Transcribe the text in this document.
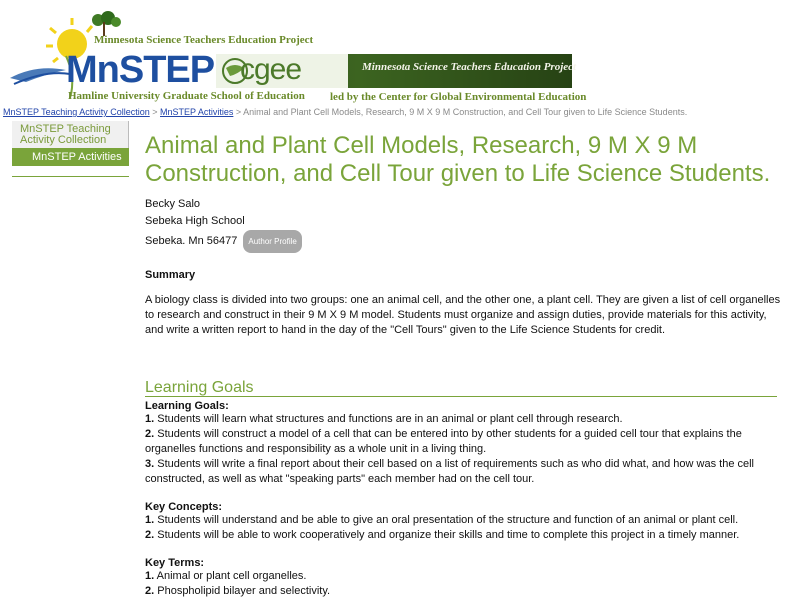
Minnesota Science Teachers Education Project
MnSTEP
Hamline University Graduate School of Education
cgee	Minnesota Science Teachers Education Project
led by the Center for Global Environmental Education
MnSTEP Teaching Activity Collection > MnSTEP Activities > Animal and Plant Cell Models, Research, 9 M X 9 M Construction, and Cell Tour given to Life Science Students.
MnSTEP Teaching
Activity Collection
MnSTEP Activities Animal and Plant Cell Models, Research, 9 M X 9 M Construction, and Cell Tour given to Life Science Students.
Becky Salo
Sebeka High School
Sebeka. Mn 56477	Author Profile
Summary

A biology class is divided into two groups: one an animal cell, and the other one, a plant cell. They are given a list of cell organelles to research and construct in their 9 M X 9 M model. Students must organize and assign duties, provide materials for this activity, and write a written report to hand in the day of the "Cell Tours" given to the Life Science Students for credit.

Learning Goals
Learning Goals:

1. Students will learn what structures and functions are in an animal or plant cell through research.

2. Students will construct a model of a cell that can be entered into by other students for a guided cell tour that explains the organelles functions and responsibility as a whole unit in a living thing.

3. Students will write a final report about their cell based on a list of requirements such as who did what, and how was the cell constructed, as well as what "speaking parts" each member had on the cell tour.

Key Concepts:

1. Students will understand and be able to give an oral presentation of the structure and function of an animal or plant cell.

2. Students will be able to work cooperatively and organize their skills and time to complete this project in a timely manner.

Key Terms:

1. Animal or plant cell organelles.

2. Phospholipid bilayer and selectivity.
